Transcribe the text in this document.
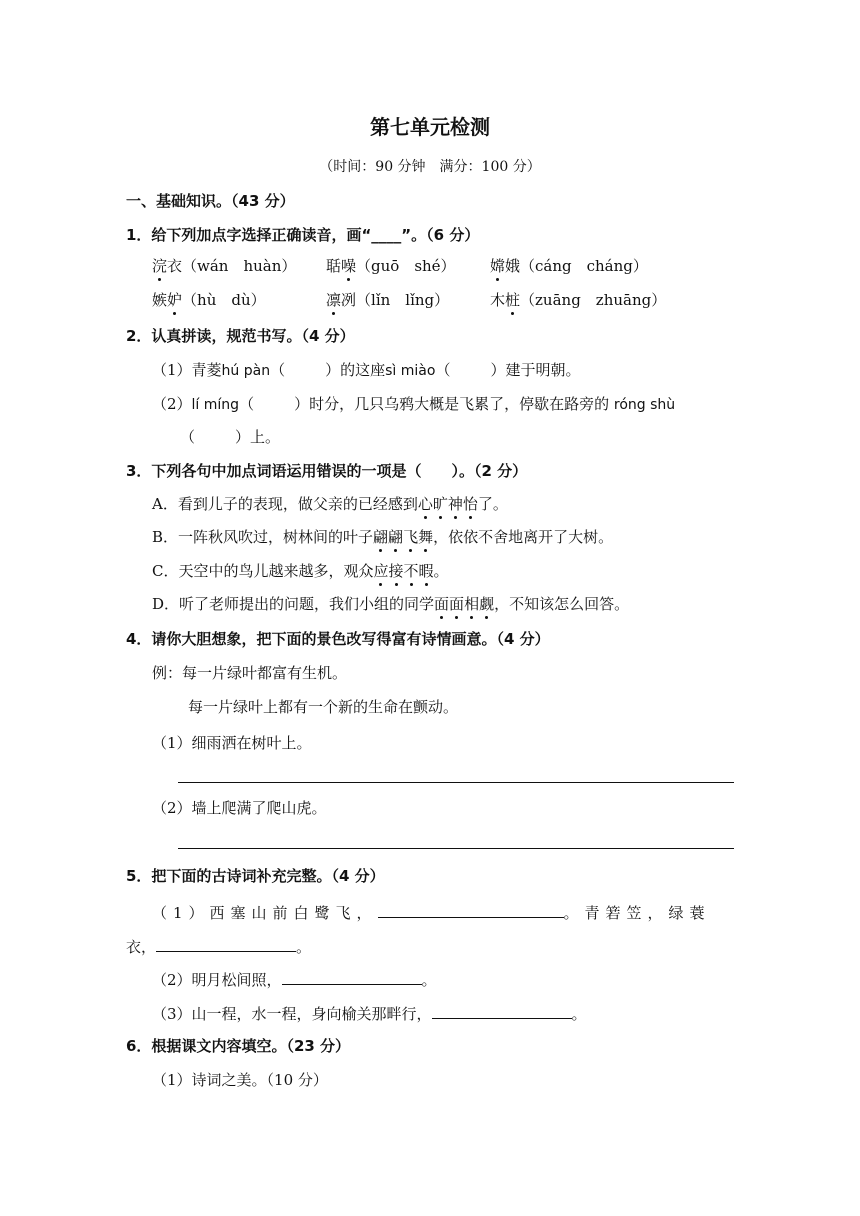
第七单元检测
（时间：90 分钟　满分：100 分）
一、基础知识。（43 分）
1．给下列加点字选择正确读音，画“____”。（6 分）
浣衣（wán　huàn） 聒噪（guō　shé） 嫦娥（cáng　cháng）
嫉妒（hù　dù）	凛冽（lǐn　lǐng）	木桩（zuāng　zhuāng）
2．认真拼读，规范书写。（4 分）
（1）青菱hú pàn（	）的这座sì miào（	）建于明朝。
（2）lí míng（	）时分，几只乌鸦大概是飞累了，停歇在路旁的 róng shù
（	）上。
3．下列各句中加点词语运用错误的一项是（　　）。（2 分）
A．看到儿子的表现，做父亲的已经感到心旷神怡了。
B．一阵秋风吹过，树林间的叶子翩翩飞舞，依依不舍地离开了大树。
C．天空中的鸟儿越来越多，观众应接不暇。
D．听了老师提出的问题，我们小组的同学面面相觑，不知该怎么回答。
4．请你大胆想象，把下面的景色改写得富有诗情画意。（4 分）
例：每一片绿叶都富有生机。
每一片绿叶上都有一个新的生命在颤动。
（1）细雨洒在树叶上。
（2）墙上爬满了爬山虎。
5．把下面的古诗词补充完整。（4 分）
（1）西塞山前白鹭飞，	。青箬笠，绿蓑
衣，	。
（2）明月松间照，	。
（3）山一程，水一程，身向榆关那畔行，	。
6．根据课文内容填空。（23 分）
（1）诗词之美。（10 分）
